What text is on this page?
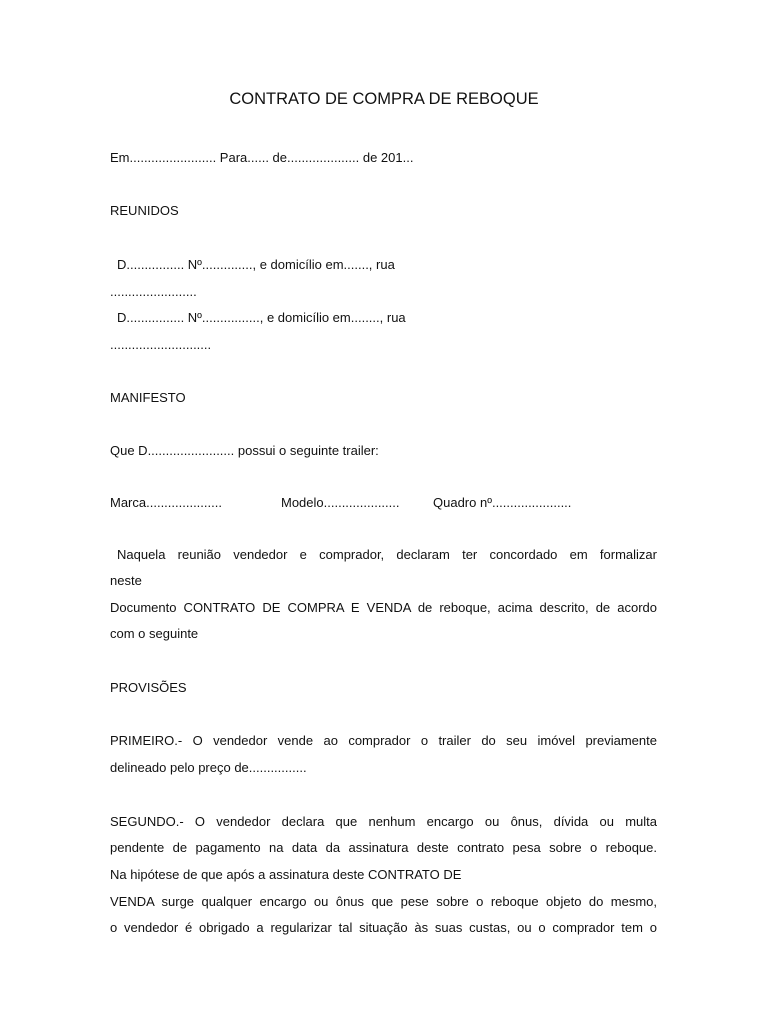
CONTRATO DE COMPRA DE REBOQUE
Em........................ Para...... de.................... de 201...
REUNIDOS
D................ Nº.............., e domicílio em......., rua
........................
D................ Nº................, e domicílio em........, rua
............................
MANIFESTO
Que D........................ possui o seguinte trailer:
Marca.....................	Modelo.....................	Quadro nº......................
Naquela reunião vendedor e comprador, declaram ter concordado em formalizar
neste
Documento CONTRATO DE COMPRA E VENDA de reboque, acima descrito, de acordo
com o seguinte
PROVISÕES
PRIMEIRO.- O vendedor vende ao comprador o trailer do seu imóvel previamente
delineado pelo preço de................
SEGUNDO.- O vendedor declara que nenhum encargo ou ônus, dívida ou multa
pendente de pagamento na data da assinatura deste contrato pesa sobre o reboque.
Na hipótese de que após a assinatura deste CONTRATO DE
VENDA surge qualquer encargo ou ônus que pese sobre o reboque objeto do mesmo,
o vendedor é obrigado a regularizar tal situação às suas custas, ou o comprador tem o
